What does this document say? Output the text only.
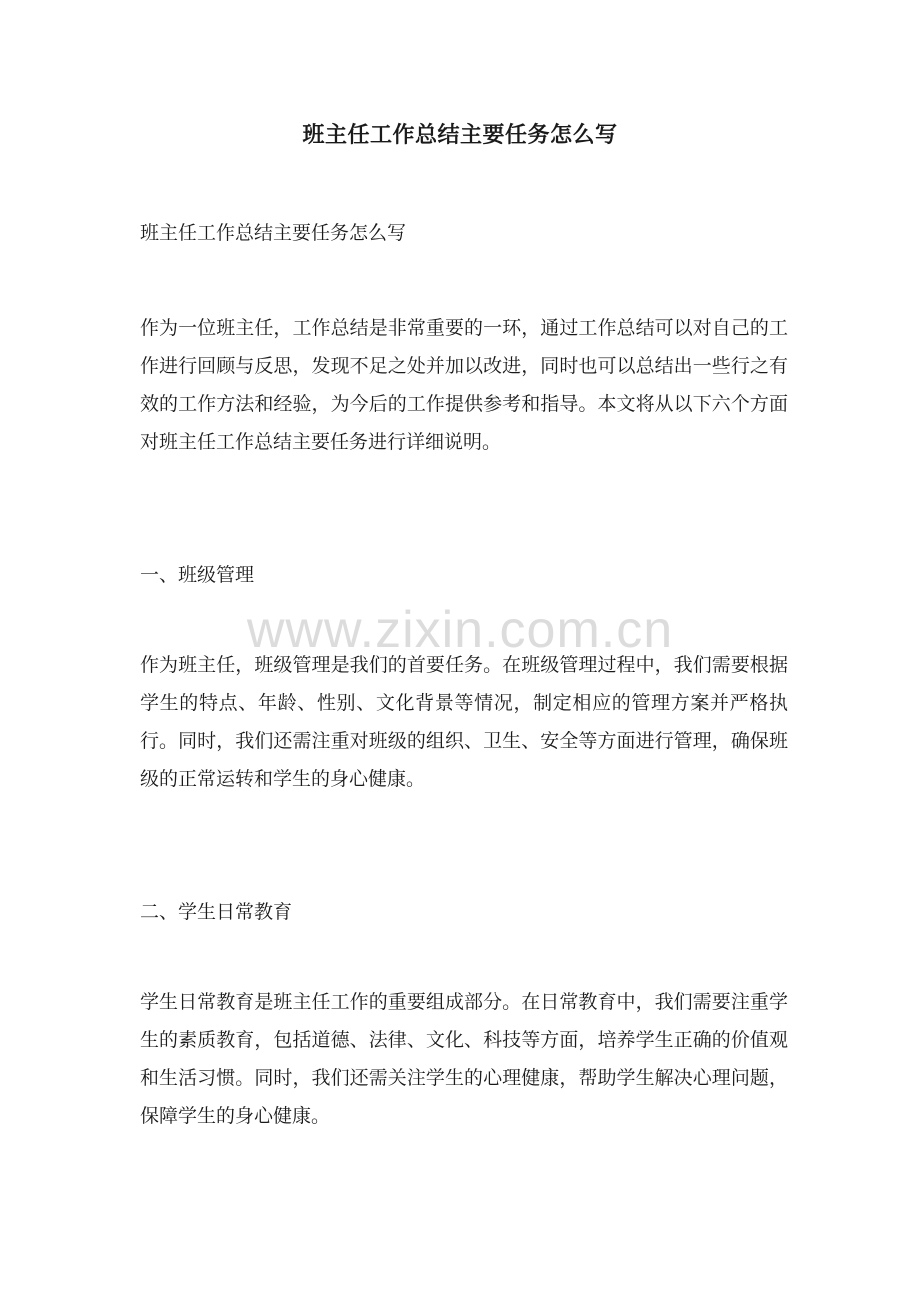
班主任工作总结主要任务怎么写
班主任工作总结主要任务怎么写
作为一位班主任，工作总结是非常重要的一环，通过工作总结可以对自己的工作进行回顾与反思，发现不足之处并加以改进，同时也可以总结出一些行之有效的工作方法和经验，为今后的工作提供参考和指导。本文将从以下六个方面对班主任工作总结主要任务进行详细说明。
一、班级管理
作为班主任，班级管理是我们的首要任务。在班级管理过程中，我们需要根据学生的特点、年龄、性别、文化背景等情况，制定相应的管理方案并严格执行。同时，我们还需注重对班级的组织、卫生、安全等方面进行管理，确保班级的正常运转和学生的身心健康。
二、学生日常教育
学生日常教育是班主任工作的重要组成部分。在日常教育中，我们需要注重学生的素质教育，包括道德、法律、文化、科技等方面，培养学生正确的价值观和生活习惯。同时，我们还需关注学生的心理健康，帮助学生解决心理问题，保障学生的身心健康。
www.zixin.com.cn
